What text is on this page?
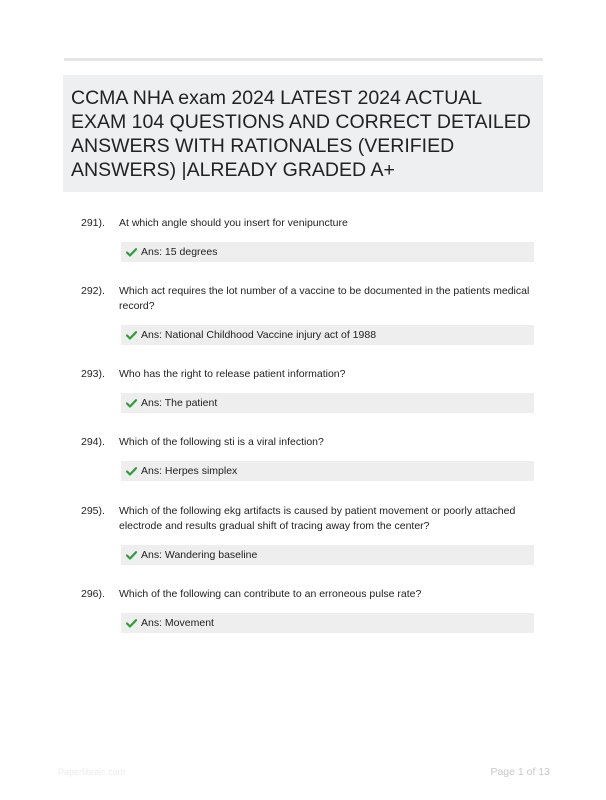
CCMA NHA exam 2024 LATEST 2024 ACTUAL EXAM 104 QUESTIONS AND CORRECT DETAILED ANSWERS WITH RATIONALES (VERIFIED ANSWERS) |ALREADY GRADED A+
291).	At which angle should you insert for venipuncture
Ans: 15 degrees
292).	Which act requires the lot number of a vaccine to be documented in the patients medical record?
Ans: National Childhood Vaccine injury act of 1988
293).	Who has the right to release patient information?
Ans: The patient
294).	Which of the following sti is a viral infection?
Ans: Herpes simplex
295).	Which of the following ekg artifacts is caused by patient movement or poorly attached electrode and results gradual shift of tracing away from the center?
Ans: Wandering baseline
296).	Which of the following can contribute to an erroneous pulse rate?
Ans: Movement
Paperlibraic.com	Page 1 of 13
